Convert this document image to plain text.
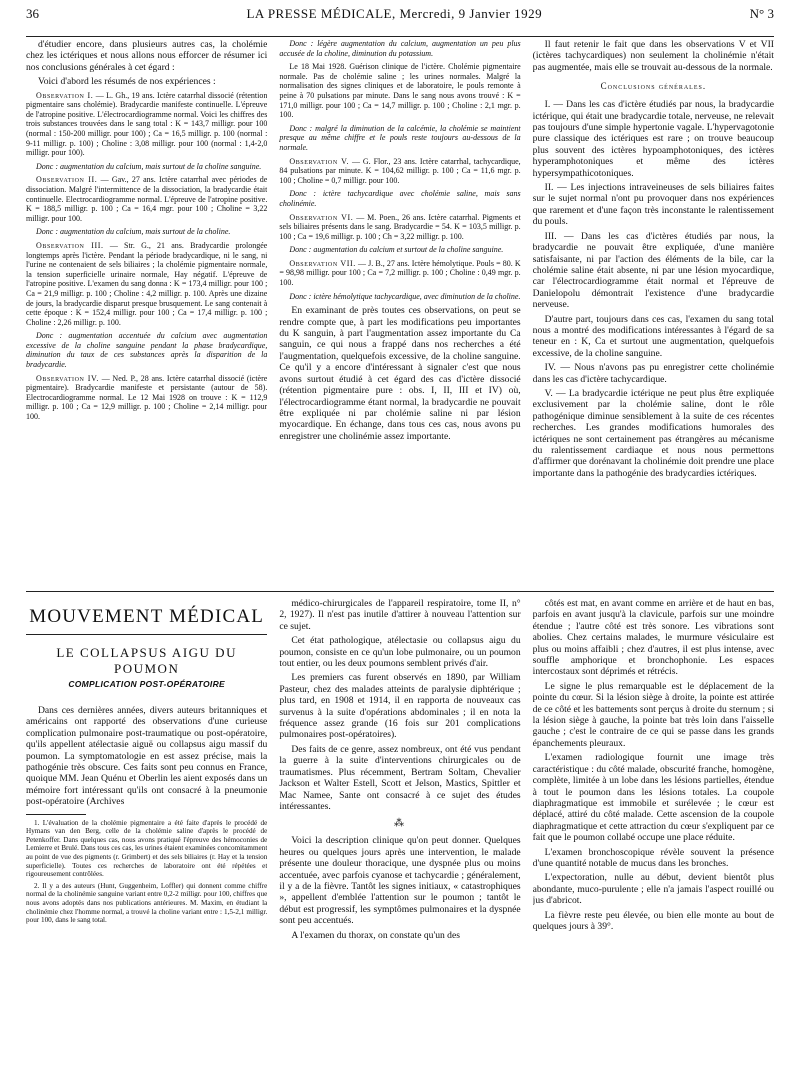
36	LA PRESSE MÉDICALE, Mercredi, 9 Janvier 1929	N° 3

d'étudier encore, dans plusieurs autres cas, la cholémie chez les ictériques et nous allons nous efforcer de résumer ici nos conclusions générales à cet égard :

Voici d'abord les résumés de nos expériences :

Observation I. — L. Gh., 19 ans. Ictère catarrhal dissocié (rétention pigmentaire sans cholémie). Bradycardie manifeste continuelle. L'épreuve de l'atropine positive. L'électrocardiogramme normal. Voici les chiffres des trois substances trouvées dans le sang total : K = 143,7 milligr. pour 100 (normal : 150-200 milligr. pour 100) ; Ca = 16,5 milligr. p. 100 (normal : 9-11 milligr. p. 100) ; Choline : 3,08 milligr. pour 100 (normal : 1,4-2,0 milligr. pour 100).

Donc : augmentation du calcium, mais surtout de la choline sanguine.

Observation II. — Gav., 27 ans. Ictère catarrhal avec périodes de dissociation. Malgré l'intermittence de la dissociation, la bradycardie était continuelle. Electrocardiogramme normal. L'épreuve de l'atropine positive. K = 188,5 milligr. p. 100 ; Ca = 16,4 mgr. pour 100 ; Choline = 3,22 milligr. pour 100.

Donc : augmentation du calcium, mais surtout de la choline.

Observation III. — Str. G., 21 ans. Bradycardie prolongée longtemps après l'ictère. Pendant la période bradycardique, ni le sang, ni l'urine ne contenaient de sels biliaires ; la cholémie pigmentaire normale, la tension superficielle urinaire normale, Hay négatif. L'épreuve de l'atropine positive. L'examen du sang donna : K = 173,4 milligr. pour 100 ; Ca = 21,9 milligr. p. 100 ; Choline : 4,2 milligr. p. 100. Après une dizaine de jours, la bradycardie disparut presque brusquement. Le sang contenait à cette époque : K = 152,4 milligr. pour 100 ; Ca = 17,4 milligr. p. 100 ; Choline : 2,26 milligr. p. 100.

Donc : augmentation accentuée du calcium avec augmentation excessive de la choline sanguine pendant la phase bradycardique, diminution du taux de ces substances après la disparition de la bradycardie.

Observation IV. — Ned. P., 28 ans. Ictère catarrhal dissocié (ictère pigmentaire). Bradycardie manifeste et persistante (autour de 58). Electrocardiogramme normal. Le 12 Mai 1928 on trouve : K = 112,9 milligr. p. 100 ; Ca = 12,9 milligr. p. 100 ; Choline = 2,14 milligr. pour 100.

Donc : légère augmentation du calcium, augmentation un peu plus accusée de la choline, diminution du potassium.

Le 18 Mai 1928. Guérison clinique de l'ictère. Cholémie pigmentaire normale. Pas de cholémie saline ; les urines normales. Malgré la normalisation des signes cliniques et de laboratoire, le pouls remonte à peine à 70 pulsations par minute. Dans le sang nous avons trouvé : K = 171,0 milligr. pour 100 ; Ca = 14,7 milligr. p. 100 ; Choline : 2,1 mgr. p. 100.

Donc : malgré la diminution de la calcémie, la cholémie se maintient presque au même chiffre et le pouls reste toujours au-dessous de la normale.

Observation V. — G. Flor., 23 ans. Ictère catarrhal, tachycardique, 84 pulsations par minute. K = 104,62 milligr. p. 100 ; Ca = 11,6 mgr. p. 100 ; Choline = 0,7 milligr. pour 100.

Donc : ictère tachycardique avec cholémie saline, mais sans cholinémie.

Observation VI. — M. Poen., 26 ans. Ictère catarrhal. Pigments et sels biliaires présents dans le sang. Bradycardie = 54. K = 103,5 milligr. p. 100 ; Ca = 19,6 milligr. p. 100 ; Ch = 3,22 milligr. p. 100.

Donc : augmentation du calcium et surtout de la choline sanguine.

Observation VII. — J. B., 27 ans. Ictère hémolytique. Pouls = 80. K = 98,98 milligr. pour 100 ; Ca = 7,2 milligr. p. 100 ; Choline : 0,49 mgr. p. 100.

Donc : ictère hémolytique tachycardique, avec diminution de la choline.

En examinant de près toutes ces observations, on peut se rendre compte que, à part les modifications peu importantes du K sanguin, à part l'augmentation assez importante du Ca sanguin, ce qui nous a frappé dans nos recherches a été l'augmentation, quelquefois excessive, de la choline sanguine. Ce qu'il y a encore d'intéressant à signaler c'est que nous avons surtout étudié à cet égard des cas d'ictère dissocié (rétention pigmentaire pure : obs. I, II, III et IV) où, l'électrocardiogramme étant normal, la bradycardie ne pouvait être expliquée ni par cholémie saline ni par lésion myocardique. En échange, dans tous ces cas, nous avons pu enregistrer une cholinémie assez importante.

Il faut retenir le fait que dans les observations V et VII (ictères tachycardiques) non seulement la cholinémie n'était pas augmentée, mais elle se trouvait au-dessous de la normale.

Conclusions générales.

I. — Dans les cas d'ictère étudiés par nous, la bradycardie ictérique, qui était une bradycardie totale, nerveuse, ne relevait pas toujours d'une simple hypertonie vagale. L'hypervagotonie pure classique des ictériques est rare ; on trouve beaucoup plus souvent des ictères hypoamphotoniques, des ictères hyperamphotoniques et même des ictères hypersympathicotoniques.

II. — Les injections intraveineuses de sels biliaires faites sur le sujet normal n'ont pu provoquer dans nos expériences que rarement et d'une façon très inconstante le ralentissement du pouls.

III. — Dans les cas d'ictères étudiés par nous, la bradycardie ne pouvait être expliquée, d'une manière satisfaisante, ni par l'action des éléments de la bile, car la cholémie saline était absente, ni par une lésion myocardique, car l'électrocardiogramme était normal et l'épreuve de Danielopolu démontrait l'existence d'une bradycardie nerveuse.

D'autre part, toujours dans ces cas, l'examen du sang total nous a montré des modifications intéressantes à l'égard de sa teneur en : K, Ca et surtout une augmentation, quelquefois excessive, de la choline sanguine.

IV. — Nous n'avons pas pu enregistrer cette cholinémie dans les cas d'ictère tachycardique.

V. — La bradycardie ictérique ne peut plus être expliquée exclusivement par la cholémie saline, dont le rôle pathogénique diminue sensiblement à la suite de ces récentes recherches. Les grandes modifications humorales des ictériques ne sont certainement pas étrangères au mécanisme du ralentissement cardiaque et nous nous permettons d'affirmer que dorénavant la cholinémie doit prendre une place importante dans la pathogénie des bradycardies ictériques.

MOUVEMENT MÉDICAL
LE COLLAPSUS AIGU DU POUMON
COMPLICATION POST-OPÉRATOIRE

Dans ces dernières années, divers auteurs britanniques et américains ont rapporté des observations d'une curieuse complication pulmonaire post-traumatique ou post-opératoire, qu'ils appellent atélectasie aiguë ou collapsus aigu massif du poumon. La symptomatologie en est assez précise, mais la pathogénie très obscure. Ces faits sont peu connus en France, quoique MM. Jean Quénu et Oberlin les aient exposés dans un mémoire fort intéressant qu'ils ont consacré à la pneumonie post-opératoire (Archives

1. L'évaluation de la cholémie pigmentaire a été faite d'après le procédé de Hymans van den Berg, celle de la cholémie saline d'après le procédé de Petenkoffer. Dans quelques cas, nous avons pratiqué l'épreuve des hémoconies de Lemierre et Brulé. Dans tous ces cas, les urines étaient examinées concomitamment au point de vue des pigments (r. Grimbert) et des sels biliaires (r. Hay et la tension superficielle). Toutes ces recherches de laboratoire ont été répétées et rigoureusement contrôlées.

2. Il y a des auteurs (Hunt, Guggenheim, Loffler) qui donnent comme chiffre normal de la cholinémie sanguine variant entre 0,2-2 milligr. pour 100, chiffres que nous avons adoptés dans nos publications antérieures. M. Maxim, en étudiant la cholinémie chez l'homme normal, a trouvé la choline variant entre : 1,5-2,1 milligr. pour 100, dans le sang total.

médico-chirurgicales de l'appareil respiratoire, tome II, n° 2, 1927). Il n'est pas inutile d'attirer à nouveau l'attention sur ce sujet.

Cet état pathologique, atélectasie ou collapsus aigu du poumon, consiste en ce qu'un lobe pulmonaire, ou un poumon tout entier, ou les deux poumons semblent privés d'air.

Les premiers cas furent observés en 1890, par William Pasteur, chez des malades atteints de paralysie diphtérique ; plus tard, en 1908 et 1914, il en rapporta de nouveaux cas survenus à la suite d'opérations abdominales ; il en nota la fréquence assez grande (16 fois sur 201 complications pulmonaires post-opératoires).

Des faits de ce genre, assez nombreux, ont été vus pendant la guerre à la suite d'interventions chirurgicales ou de traumatismes. Plus récemment, Bertram Soltam, Chevalier Jackson et Walter Estell, Scott et Jelson, Mastics, Spittler et Mac Namee, Sante ont consacré à ce sujet des études intéressantes.

⁂

Voici la description clinique qu'on peut donner. Quelques heures ou quelques jours après une intervention, le malade présente une douleur thoracique, une dyspnée plus ou moins accentuée, avec parfois cyanose et tachycardie ; généralement, il y a de la fièvre. Tantôt les signes initiaux, « catastrophiques », appellent d'emblée l'attention sur le poumon ; tantôt le début est progressif, les symptômes pulmonaires et la dyspnée sont peu accentués.

A l'examen du thorax, on constate qu'un des

côtés est mat, en avant comme en arrière et de haut en bas, parfois en avant jusqu'à la clavicule, parfois sur une moindre étendue ; l'autre côté est très sonore. Les vibrations sont abolies. Chez certains malades, le murmure vésiculaire est plus ou moins affaibli ; chez d'autres, il est plus intense, avec souffle amphorique et bronchophonie. Les espaces intercostaux sont déprimés et rétrécis.

Le signe le plus remarquable est le déplacement de la pointe du cœur. Si la lésion siège à droite, la pointe est attirée de ce côté et les battements sont perçus à droite du sternum ; si la lésion siège à gauche, la pointe bat très loin dans l'aisselle gauche ; c'est le contraire de ce qui se passe dans les grands épanchements pleuraux.

L'examen radiologique fournit une image très caractéristique : du côté malade, obscurité franche, homogène, complète, limitée à un lobe dans les lésions partielles, étendue à tout le poumon dans les lésions totales. La coupole diaphragmatique est immobile et surélevée ; le cœur est déplacé, attiré du côté malade. Cette ascension de la coupole diaphragmatique et cette attraction du cœur s'expliquent par ce fait que le poumon collabé occupe une place réduite.

L'examen bronchoscopique révèle souvent la présence d'une quantité notable de mucus dans les bronches.

L'expectoration, nulle au début, devient bientôt plus abondante, muco-purulente ; elle n'a jamais l'aspect rouillé ou jus d'abricot.

La fièvre reste peu élevée, ou bien elle monte au bout de quelques jours à 39°.
